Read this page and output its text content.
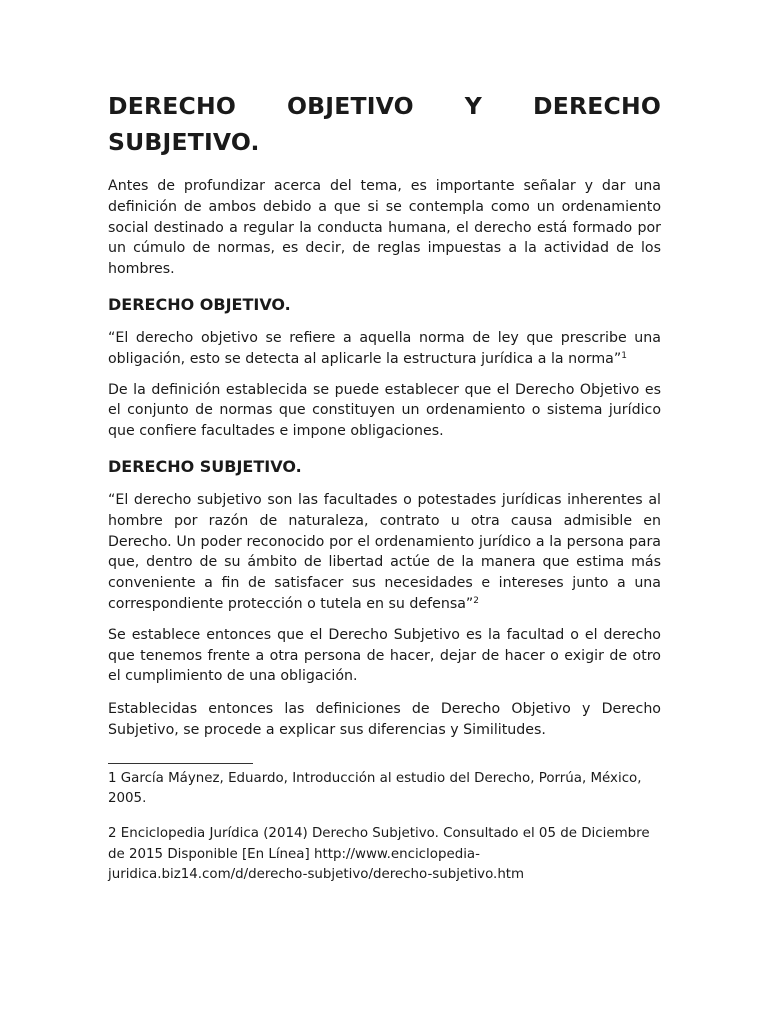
DERECHO OBJETIVO Y DERECHO
SUBJETIVO.

Antes de profundizar acerca del tema, es importante señalar y dar una definición de ambos debido a que si se contempla como un ordenamiento social destinado a regular la conducta humana, el derecho está formado por un cúmulo de normas, es decir, de reglas impuestas a la actividad de los hombres.

DERECHO OBJETIVO.

“El derecho objetivo se refiere a aquella norma de ley que prescribe una obligación, esto se detecta al aplicarle la estructura jurídica a la norma”$^1$

De la definición establecida se puede establecer que el Derecho Objetivo es el conjunto de normas que constituyen un ordenamiento o sistema jurídico que confiere facultades e impone obligaciones.

DERECHO SUBJETIVO.

“El derecho subjetivo son las facultades o potestades jurídicas inherentes al hombre por razón de naturaleza, contrato u otra causa admisible en Derecho. Un poder reconocido por el ordenamiento jurídico a la persona para que, dentro de su ámbito de libertad actúe de la manera que estima más conveniente a fin de satisfacer sus necesidades e intereses junto a una correspondiente protección o tutela en su defensa”$^2$

Se establece entonces que el Derecho Subjetivo es la facultad o el derecho que tenemos frente a otra persona de hacer, dejar de hacer o exigir de otro el cumplimiento de una obligación.

Establecidas entonces las definiciones de Derecho Objetivo y Derecho Subjetivo, se procede a explicar sus diferencias y Similitudes.

1 García Máynez, Eduardo, Introducción al estudio del Derecho, Porrúa, México, 2005.

2 Enciclopedia Jurídica (2014) Derecho Subjetivo. Consultado el 05 de Diciembre de 2015 Disponible [En Línea] http://www.enciclopedia-juridica.biz14.com/d/derecho-subjetivo/derecho-subjetivo.htm
